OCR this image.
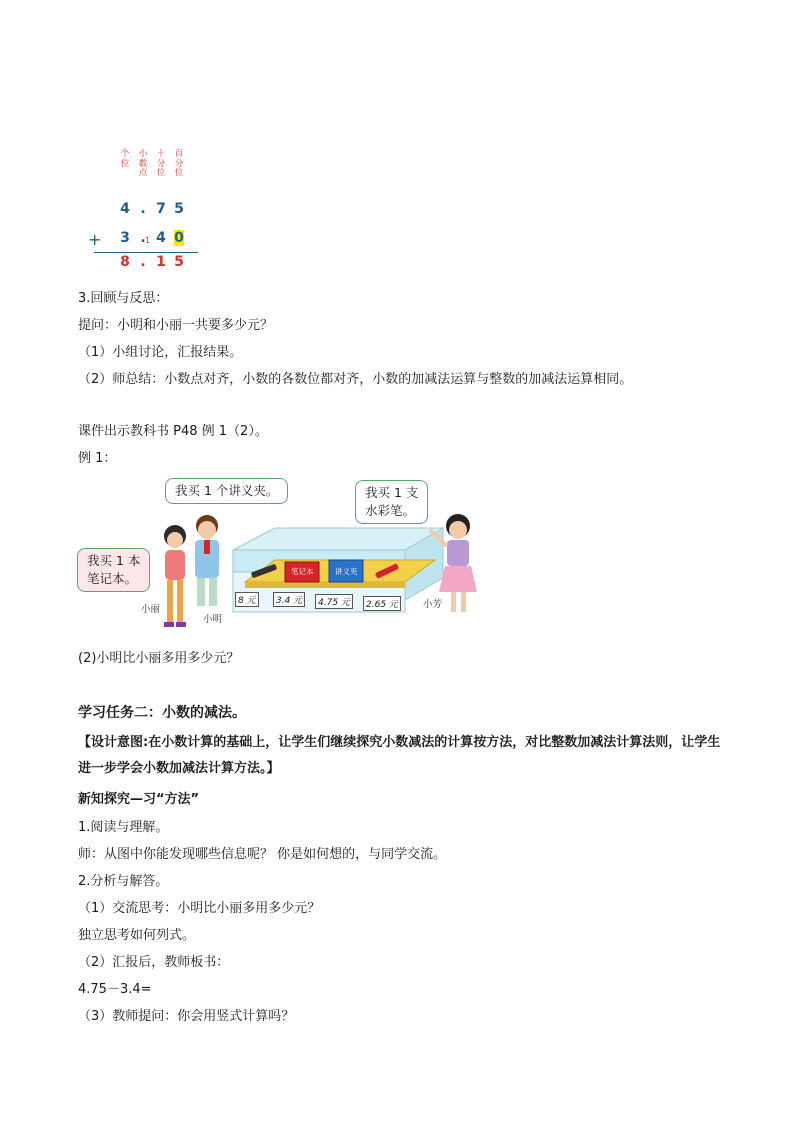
个
位
小
数
点
十
分
位
百
分
位
4 . 7 5
+ 3 . 1 4 0
8 . 1 5
3.回顾与反思：
提问：小明和小丽一共要多少元？
（1）小组讨论，汇报结果。
（2）师总结：小数点对齐，小数的各数位都对齐，小数的加减法运算与整数的加减法运算相同。
课件出示教科书 P48 例 1（2）。
例 1：
我买 1 个讲义夹。	我买 1 支
水彩笔。
我买 1 本
笔记本。	笔记本	讲义夹
8 元	3.4 元	4.75 元	2.65 元
小丽
小明
小芳
(2)小明比小丽多用多少元？
学习任务二：小数的减法。
【设计意图:在小数计算的基础上，让学生们继续探究小数减法的计算按方法，对比整数加减法计算法则，让学生进一步学会小数加减法计算方法。】
新知探究—习“方法”
1.阅读与理解。
师：从图中你能发现哪些信息呢？ 你是如何想的，与同学交流。
2.分析与解答。
（1）交流思考：小明比小丽多用多少元？
独立思考如何列式。
（2）汇报后，教师板书：
4.75－3.4=
（3）教师提问：你会用竖式计算吗？
